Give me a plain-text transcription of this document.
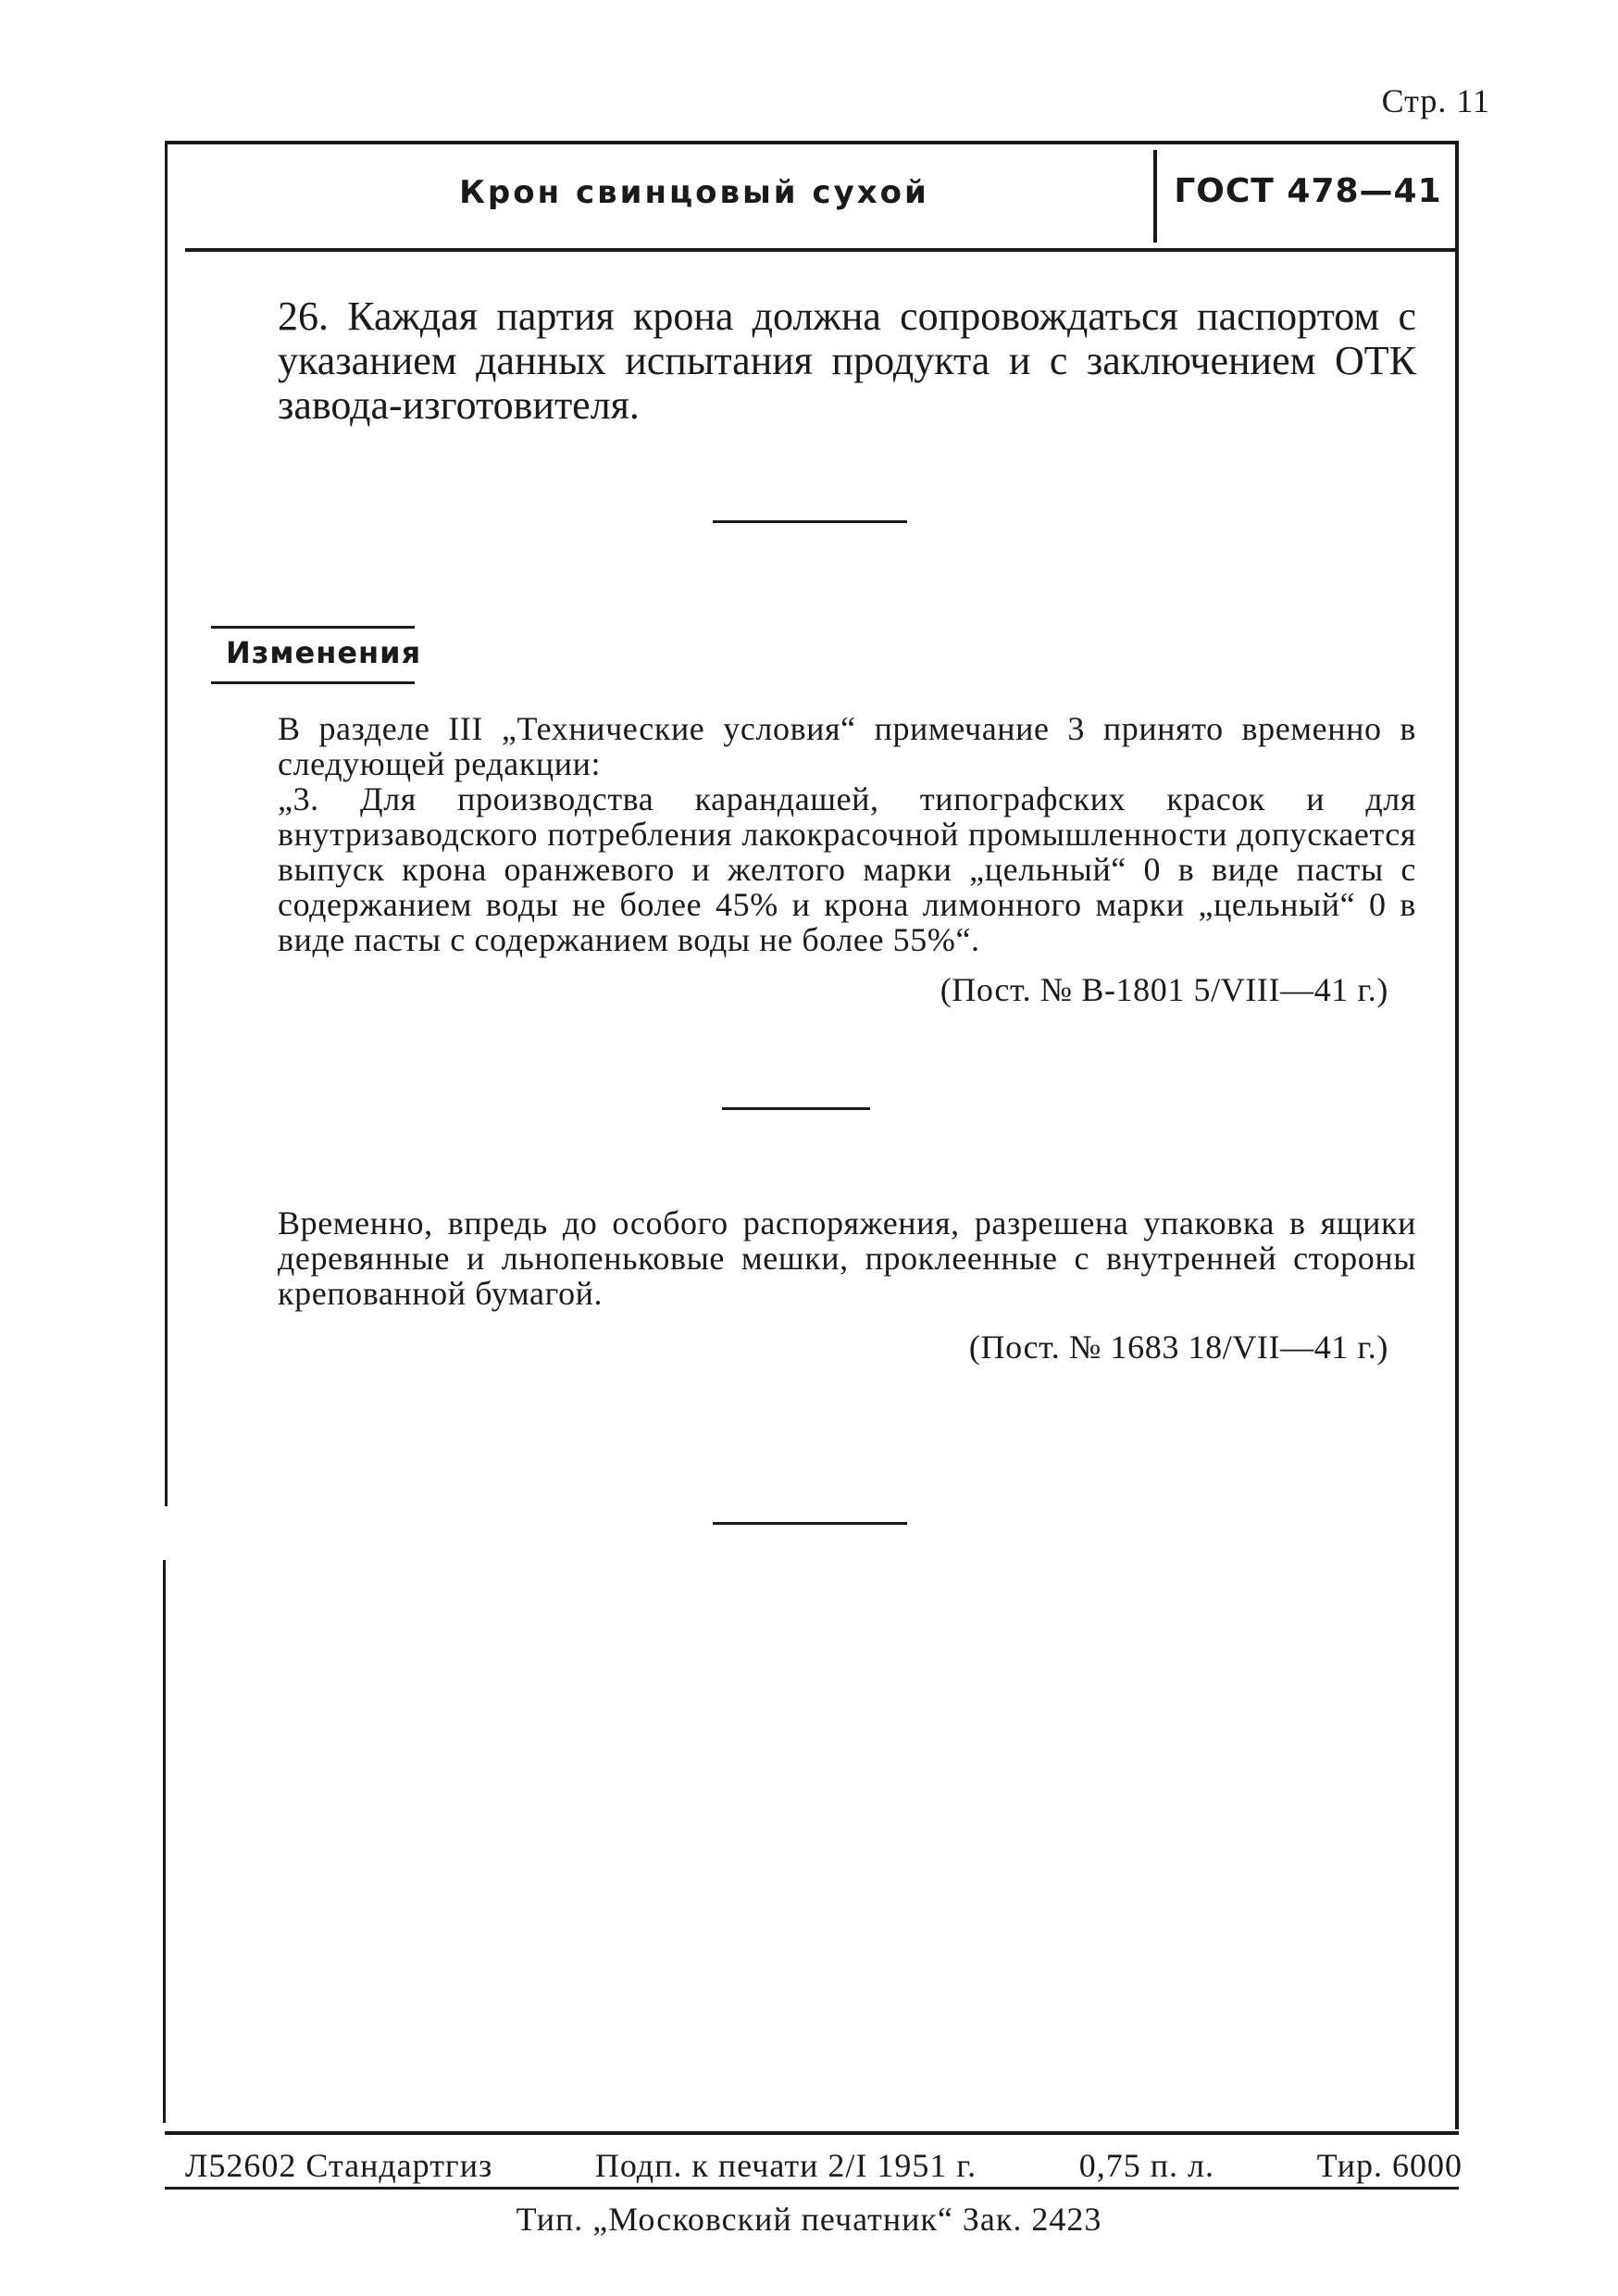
Стр. 11
Крон свинцовый сухой	ГОСТ 478—41
26. Каждая партия крона должна сопровождаться паспортом с указанием данных испытания продукта и с заключением ОТК завода-изготовителя.
Изменения
В разделе III „Технические условия“ примечание 3 принято временно в следующей редакции:
„3. Для производства карандашей, типографских красок и для внутризаводского потребления лакокрасочной промышленности допускается выпуск крона оранжевого и желтого марки „цельный“ 0 в виде пасты с содержанием воды не более 45% и крона лимонного марки „цельный“ 0 в виде пасты с содержанием воды не более 55%“.
(Пост. № В-1801 5/VIII—41 г.)
Временно, впредь до особого распоряжения, разрешена упаковка в ящики деревянные и льнопеньковые мешки, проклеенные с внутренней стороны крепованной бумагой.
(Пост. № 1683 18/VII—41 г.)
Л52602 Стандартгиз	Подп. к печати 2/I 1951 г.	0,75 п. л.	Тир. 6000
Тип. „Московский печатник“ Зак. 2423
